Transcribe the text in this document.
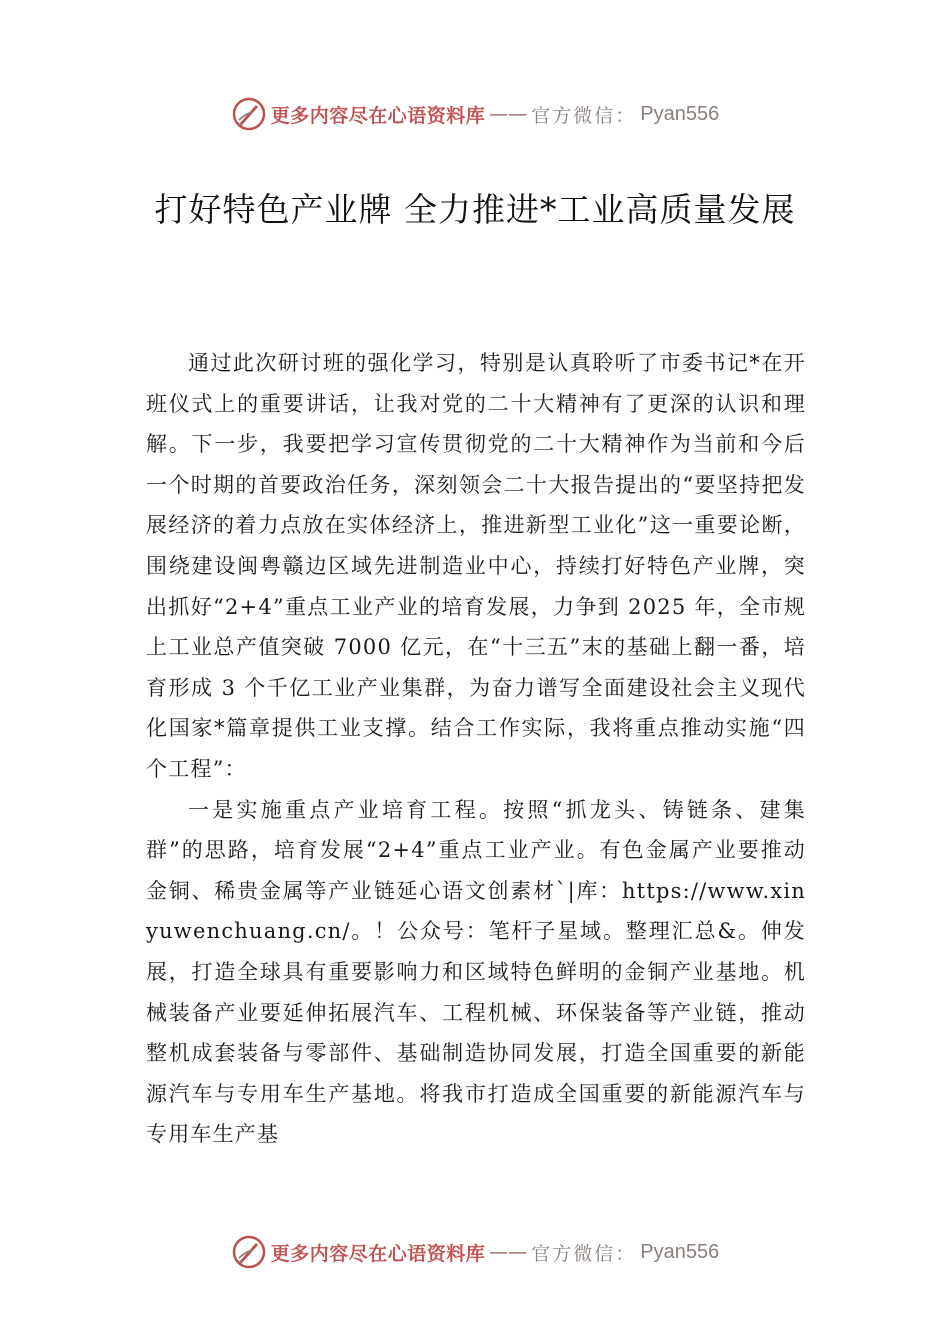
更多内容尽在心语资料库 —— 官方微信： Pyan556
打好特色产业牌 全力推进*工业高质量发展

通过此次研讨班的强化学习，特别是认真聆听了市委书记*在开班仪式上的重要讲话，让我对党的二十大精神有了更深的认识和理解。下一步，我要把学习宣传贯彻党的二十大精神作为当前和今后一个时期的首要政治任务，深刻领会二十大报告提出的“要坚持把发展经济的着力点放在实体经济上，推进新型工业化”这一重要论断，围绕建设闽粤赣边区域先进制造业中心，持续打好特色产业牌，突出抓好“2+4”重点工业产业的培育发展，力争到 2025 年，全市规上工业总产值突破 7000 亿元，在“十三五”末的基础上翻一番，培育形成 3 个千亿工业产业集群，为奋力谱写全面建设社会主义现代化国家*篇章提供工业支撑。结合工作实际，我将重点推动实施“四个工程”：

一是实施重点产业培育工程。按照“抓龙头、铸链条、建集群”的思路，培育发展“2+4”重点工业产业。有色金属产业要推动金铜、稀贵金属等产业链延心语文创素材`|库：https://www.xinyuwenchuang.cn/。！公众号：笔杆子星域。整理汇总&。伸发展，打造全球具有重要影响力和区域特色鲜明的金铜产业基地。机械装备产业要延伸拓展汽车、工程机械、环保装备等产业链，推动整机成套装备与零部件、基础制造协同发展，打造全国重要的新能源汽车与专用车生产基地。将我市打造成全国重要的新能源汽车与专用车生产基

更多内容尽在心语资料库 —— 官方微信： Pyan556
